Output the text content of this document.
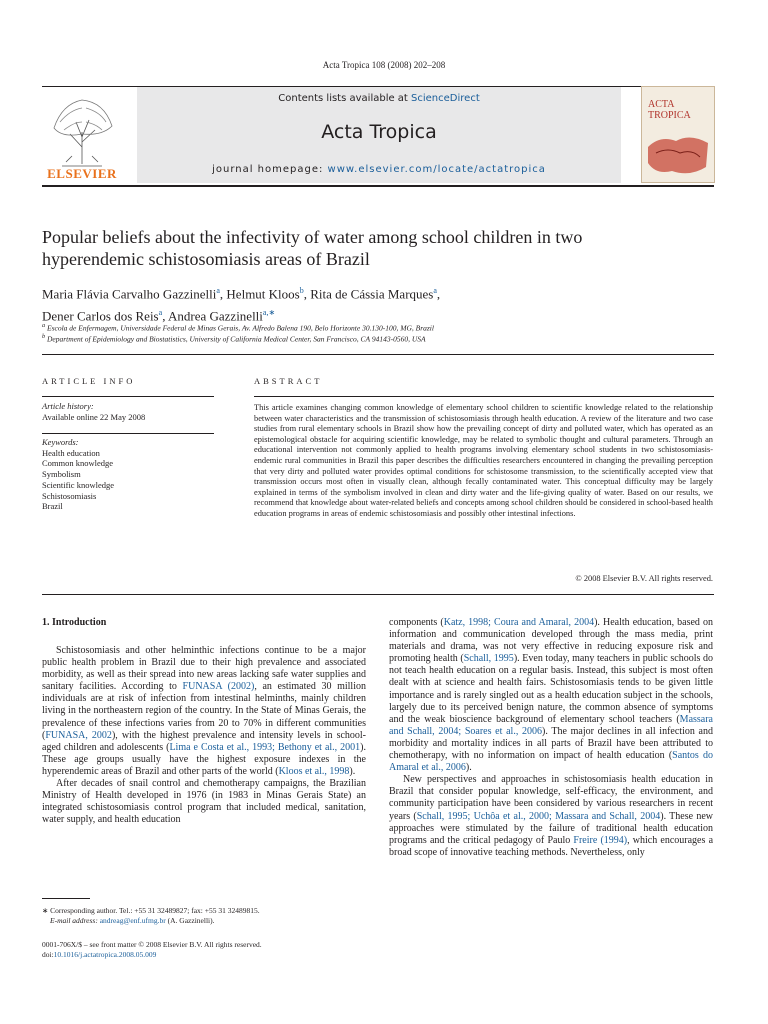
Acta Tropica 108 (2008) 202–208
Contents lists available at ScienceDirect
Acta Tropica
journal homepage: www.elsevier.com/locate/actatropica
ELSEVIER
ACTA TROPICA
Popular beliefs about the infectivity of water among school children in two hyperendemic schistosomiasis areas of Brazil
Maria Flávia Carvalho Gazzinelli$^a$, Helmut Kloos$^b$, Rita de Cássia Marques$^a$,
Dener Carlos dos Reis$^a$, Andrea Gazzinelli$^{a,∗}$
$^a$ Escola de Enfermagem, Universidade Federal de Minas Gerais, Av. Alfredo Balena 190, Belo Horizonte 30.130-100, MG, Brazil
$^b$ Department of Epidemiology and Biostatistics, University of California Medical Center, San Francisco, CA 94143-0560, USA
ARTICLE INFO
Article history:
Available online 22 May 2008
Keywords:
Health education
Common knowledge
Symbolism
Scientific knowledge
Schistosomiasis
Brazil
ABSTRACT
This article examines changing common knowledge of elementary school children to scientific knowledge related to the relationship between water characteristics and the transmission of schistosomiasis through health education. A review of the literature and two case studies from rural elementary schools in Brazil show how the prevailing concept of dirty and polluted water, which has operated as an epistemological obstacle for acquiring scientific knowledge, may be related to symbolic thought and cultural parameters. Through an educational intervention not commonly applied to health programs involving elementary school students in two schistosomiasis-endemic rural communities in Brazil this paper describes the difficulties researchers encountered in changing the prevailing perception that very dirty and polluted water provides optimal conditions for schistosome transmission, to the scientifically accepted view that transmission occurs most often in visually clean, although fecally contaminated water. This conceptual difficulty may be largely explained in terms of the symbolism involved in clean and dirty water and the life-giving quality of water. Based on our results, we recommend that knowledge about water-related beliefs and concepts among school children should be considered in school-based health education programs in areas of endemic schistosomiasis and possibly other intestinal infections.
© 2008 Elsevier B.V. All rights reserved.
1. Introduction

Schistosomiasis and other helminthic infections continue to be a major public health problem in Brazil due to their high prevalence and associated morbidity, as well as their spread into new areas lacking safe water supplies and sanitary facilities. According to FUNASA (2002), an estimated 30 million individuals are at risk of infection from intestinal helminths, mainly children living in the northeastern region of the country. In the State of Minas Gerais, the prevalence of these infections varies from 20 to 70% in different communities (FUNASA, 2002), with the highest prevalence and intensity levels in school-aged children and adolescents (Lima e Costa et al., 1993; Bethony et al., 2001). These age groups usually have the highest exposure indexes in the hyperendemic areas of Brazil and other parts of the world (Kloos et al., 1998).

After decades of snail control and chemotherapy campaigns, the Brazilian Ministry of Health developed in 1976 (in 1983 in Minas Gerais State) an integrated schistosomiasis control program that included medical, sanitation, water supply, and health education

components (Katz, 1998; Coura and Amaral, 2004). Health education, based on information and communication developed through the mass media, print materials and drama, was not very effective in reducing exposure risk and promoting health (Schall, 1995). Even today, many teachers in public schools do not teach health education on a regular basis. Instead, this subject is most often dealt with at science and health fairs. Schistosomiasis tends to be given little importance and is rarely singled out as a health education subject in the schools, largely due to its perceived benign nature, the common absence of symptoms and the weak bioscience background of elementary school teachers (Massara and Schall, 2004; Soares et al., 2006). The major declines in all infection and morbidity and mortality indices in all parts of Brazil have been attributed to chemotherapy, with no information on impact of health education (Santos do Amaral et al., 2006).

New perspectives and approaches in schistosomiasis health education in Brazil that consider popular knowledge, self-efficacy, the environment, and community participation have been considered by various researchers in recent years (Schall, 1995; Uchôa et al., 2000; Massara and Schall, 2004). These new approaches were stimulated by the failure of traditional health education programs and the critical pedagogy of Paulo Freire (1994), which encourages a broad scope of innovative teaching methods. Nevertheless, only

∗ Corresponding author. Tel.: +55 31 32489827; fax: +55 31 32489815.
E-mail address: andreag@enf.ufmg.br (A. Gazzinelli).
0001-706X/$ – see front matter © 2008 Elsevier B.V. All rights reserved.
doi:10.1016/j.actatropica.2008.05.009
